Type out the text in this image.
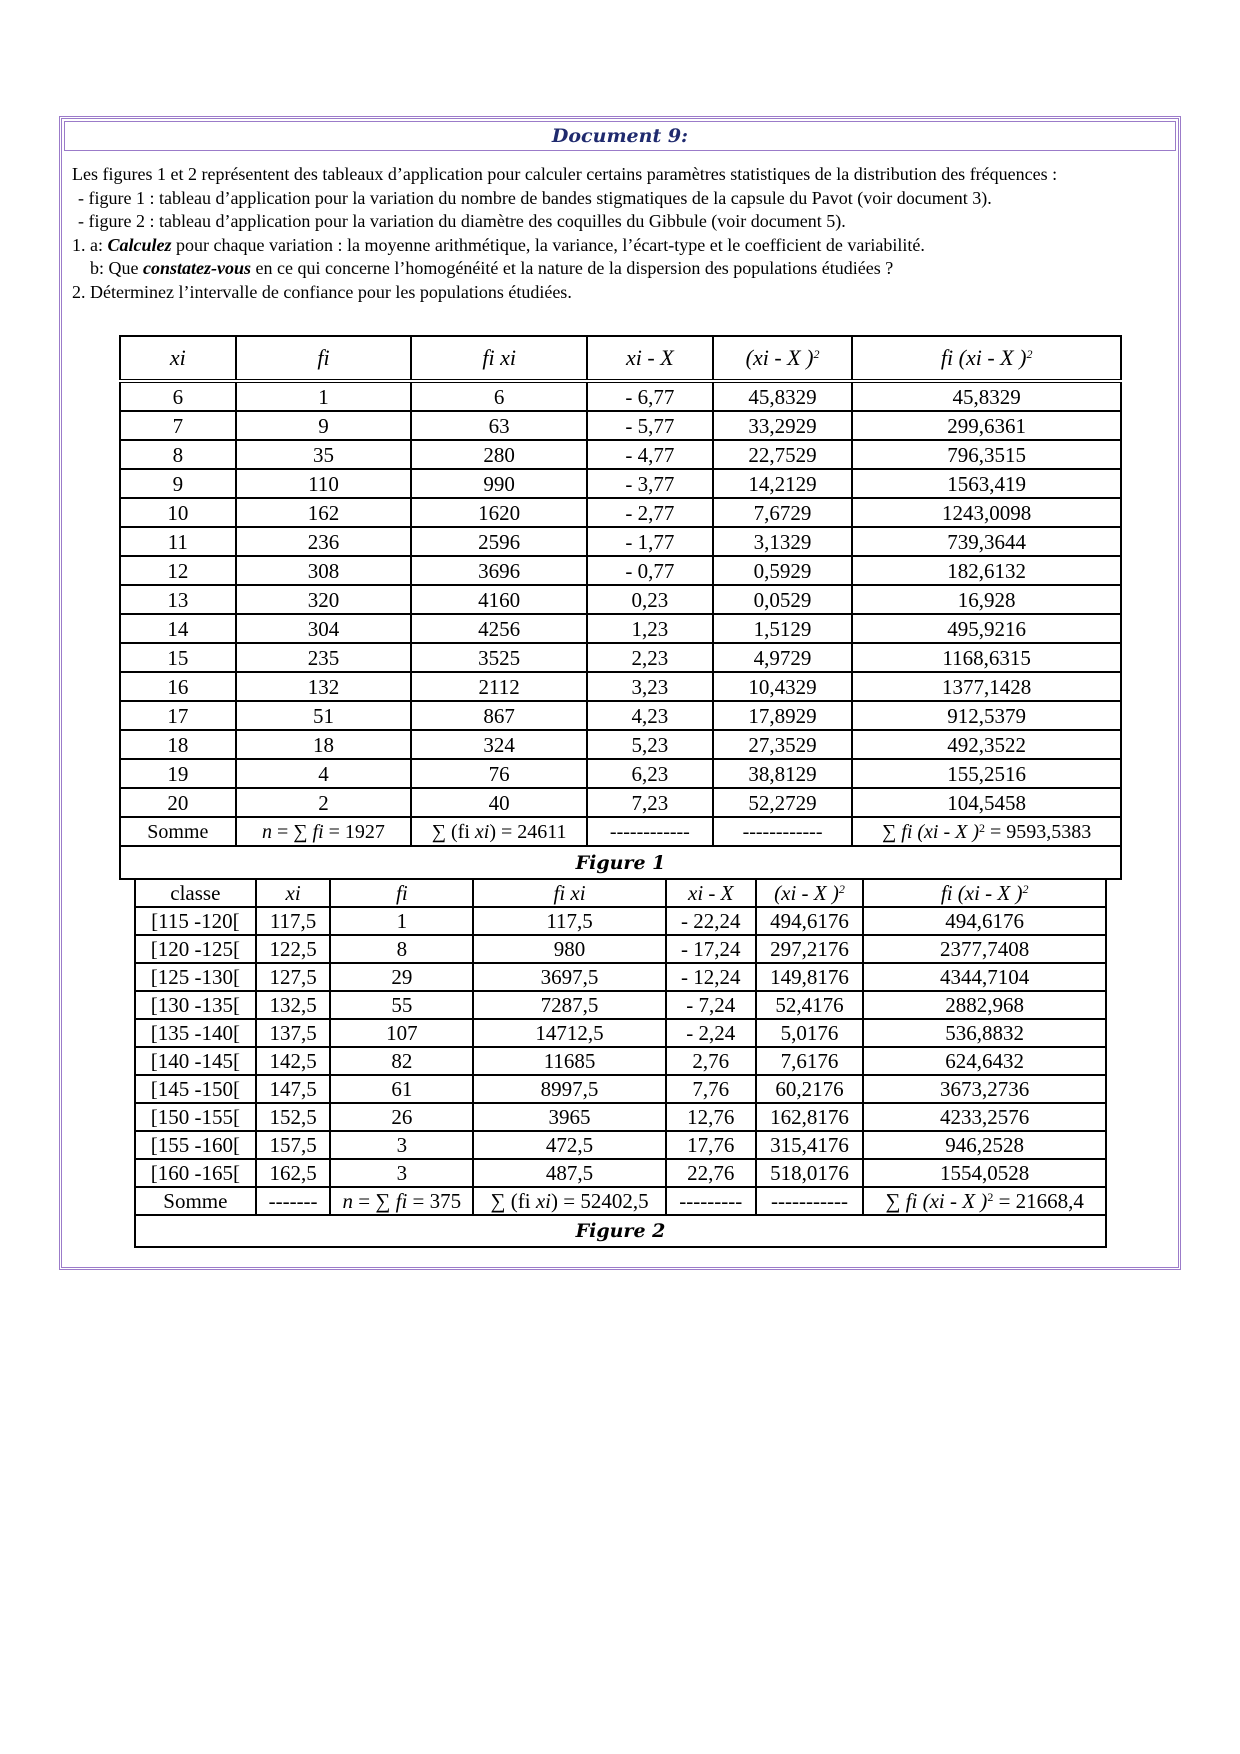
Document 9:

Les figures 1 et 2 représentent des tableaux d’application pour calculer certains paramètres statistiques de la distribution des fréquences :

- figure 1 : tableau d’application pour la variation du nombre de bandes stigmatiques de la capsule du Pavot (voir document 3).

- figure 2 : tableau d’application pour la variation du diamètre des coquilles du Gibbule (voir document 5).

1. a: Calculez pour chaque variation : la moyenne arithmétique, la variance, l’écart-type et le coefficient de variabilité.

b: Que constatez-vous en ce qui concerne l’homogénéité et la nature de la dispersion des populations étudiées ?

2. Déterminez l’intervalle de confiance pour les populations étudiées.

xi	fi	fi xi	xi - X	(xi - X )$^2$	fi (xi - X )$^2$
6	1	6	- 6,77	45,8329	45,8329
7	9	63	- 5,77	33,2929	299,6361
8	35	280	- 4,77	22,7529	796,3515
9	110	990	- 3,77	14,2129	1563,419
10	162	1620	- 2,77	7,6729	1243,0098
11	236	2596	- 1,77	3,1329	739,3644
12	308	3696	- 0,77	0,5929	182,6132
13	320	4160	0,23	0,0529	16,928
14	304	4256	1,23	1,5129	495,9216
15	235	3525	2,23	4,9729	1168,6315
16	132	2112	3,23	10,4329	1377,1428
17	51	867	4,23	17,8929	912,5379
18	18	324	5,23	27,3529	492,3522
19	4	76	6,23	38,8129	155,2516
20	2	40	7,23	52,2729	104,5458
Somme	n = ∑ fi = 1927	∑ (fi xi) = 24611	------------	------------	∑ fi (xi - X )$^2$ = 9593,5383
Figure 1					
classe	xi	fi	fi xi	xi - X	(xi - X )$^2$	fi (xi - X )$^2$
[115 -120[	117,5	1	117,5	- 22,24	494,6176	494,6176
[120 -125[	122,5	8	980	- 17,24	297,2176	2377,7408
[125 -130[	127,5	29	3697,5	- 12,24	149,8176	4344,7104
[130 -135[	132,5	55	7287,5	- 7,24	52,4176	2882,968
[135 -140[	137,5	107	14712,5	- 2,24	5,0176	536,8832
[140 -145[	142,5	82	11685	2,76	7,6176	624,6432
[145 -150[	147,5	61	8997,5	7,76	60,2176	3673,2736
[150 -155[	152,5	26	3965	12,76	162,8176	4233,2576
[155 -160[	157,5	3	472,5	17,76	315,4176	946,2528
[160 -165[	162,5	3	487,5	22,76	518,0176	1554,0528
Somme	-------	n = ∑ fi = 375	∑ (fi xi) = 52402,5	---------	-----------	∑ fi (xi - X )$^2$ = 21668,4
Figure 2						
